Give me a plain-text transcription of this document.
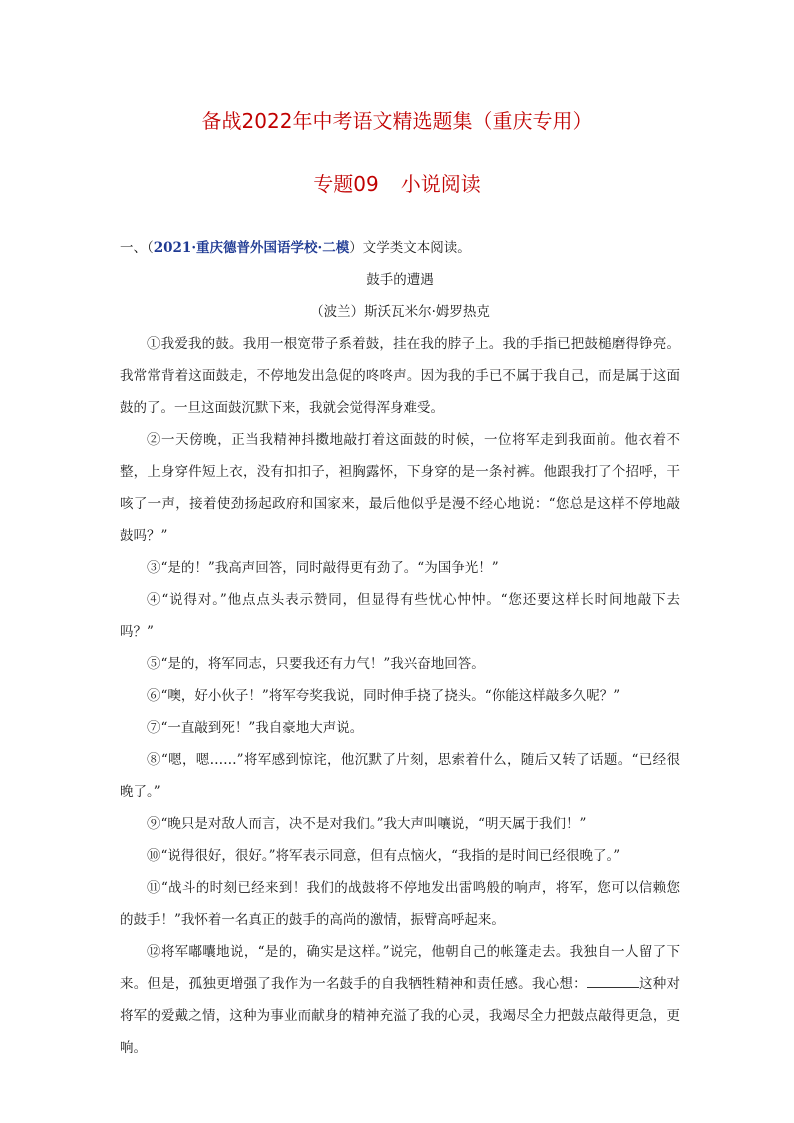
备战2022年中考语文精选题集（重庆专用）
专题09 小说阅读

一、（2021·重庆德普外国语学校·二模）文学类文本阅读。

鼓手的遭遇

（波兰）斯沃瓦米尔·姆罗热克

①我爱我的鼓。我用一根宽带子系着鼓，挂在我的脖子上。我的手指已把鼓槌磨得铮亮。我常常背着这面鼓走，不停地发出急促的咚咚声。因为我的手已不属于我自己，而是属于这面鼓的了。一旦这面鼓沉默下来，我就会觉得浑身难受。

②一天傍晚，正当我精神抖擞地敲打着这面鼓的时候，一位将军走到我面前。他衣着不整，上身穿件短上衣，没有扣扣子，袒胸露怀，下身穿的是一条衬裤。他跟我打了个招呼，干咳了一声，接着使劲扬起政府和国家来，最后他似乎是漫不经心地说：“您总是这样不停地敲鼓吗？”

③“是的！”我高声回答，同时敲得更有劲了。“为国争光！”

④“说得对。”他点点头表示赞同，但显得有些忧心忡忡。“您还要这样长时间地敲下去吗？”

⑤“是的，将军同志，只要我还有力气！”我兴奋地回答。

⑥“噢，好小伙子！”将军夸奖我说，同时伸手挠了挠头。“你能这样敲多久呢？”

⑦“一直敲到死！”我自豪地大声说。

⑧“嗯，嗯……”将军感到惊诧，他沉默了片刻，思索着什么，随后又转了话题。“已经很晚了。”

⑨“晚只是对敌人而言，决不是对我们。”我大声叫嚷说，“明天属于我们！”

⑩“说得很好，很好。”将军表示同意，但有点恼火，“我指的是时间已经很晚了。”

⑪“战斗的时刻已经来到！我们的战鼓将不停地发出雷鸣般的响声，将军，您可以信赖您的鼓手！”我怀着一名真正的鼓手的高尚的激情，振臂高呼起来。

⑫将军嘟囔地说，“是的，确实是这样。”说完，他朝自己的帐篷走去。我独自一人留了下来。但是，孤独更增强了我作为一名鼓手的自我牺牲精神和责任感。我心想：	这种对将军的爱戴之情，这种为事业而献身的精神充溢了我的心灵，我竭尽全力把鼓点敲得更急，更响。
